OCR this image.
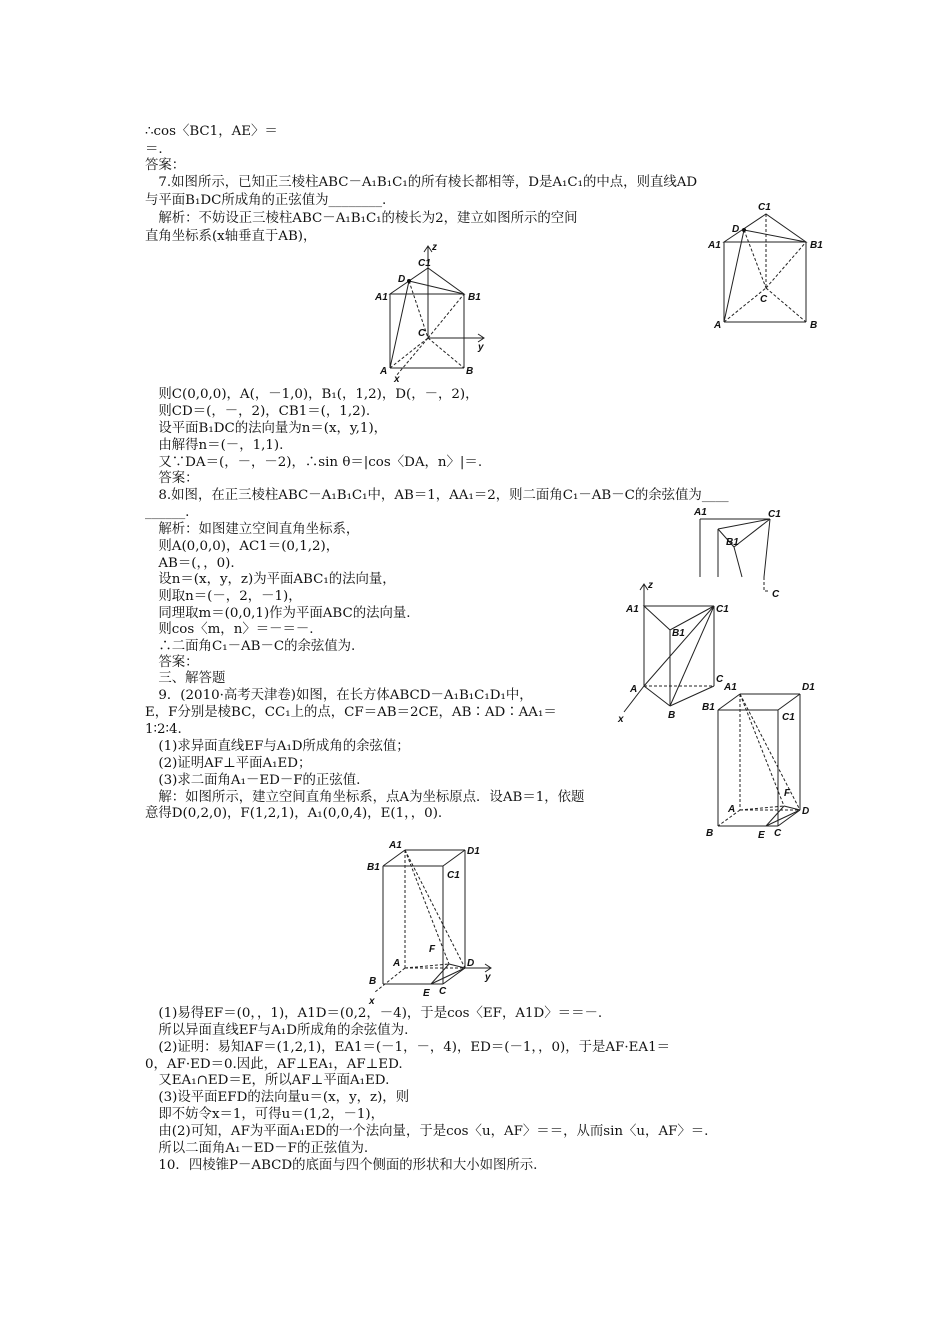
∴cos〈BC1，AE〉＝
＝.
答案：
　7.如图所示，已知正三棱柱ABC－A₁B₁C₁的所有棱长都相等，D是A₁C₁的中点，则直线AD
与平面B₁DC所成角的正弦值为________.
　解析：不妨设正三棱柱ABC－A₁B₁C₁的棱长为2，建立如图所示的空间
直角坐标系(x轴垂直于AB)，
　则C(0,0,0)，A(，－1,0)，B₁(，1,2)，D(，－，2)，
　则CD＝(，－，2)，CB1＝(，1,2).
　设平面B₁DC的法向量为n＝(x，y,1)，
　由解得n＝(－，1,1).
　又∵DA＝(，－，－2)，∴sin θ＝|cos〈DA，n〉|＝.
　答案：
　8.如图，在正三棱柱ABC－A₁B₁C₁中，AB＝1，AA₁＝2，则二面角C₁－AB－C的余弦值为____
______.
　解析：如图建立空间直角坐标系，
　则A(0,0,0)，AC1＝(0,1,2)，
　AB＝(，，0).
　设n＝(x，y，z)为平面ABC₁的法向量，
　则取n＝(－，2，－1)，
　同理取m＝(0,0,1)作为平面ABC的法向量.
　则cos〈m，n〉＝－＝－.
　∴二面角C₁－AB－C的余弦值为.
　答案：
　三、解答题
　9．(2010·高考天津卷)如图，在长方体ABCD－A₁B₁C₁D₁中，
E，F分别是棱BC，CC₁上的点，CF＝AB＝2CE，AB∶AD∶AA₁＝
1∶2∶4.
　(1)求异面直线EF与A₁D所成角的余弦值；
　(2)证明AF⊥平面A₁ED；
　(3)求二面角A₁－ED－F的正弦值.
　解：如图所示，建立空间直角坐标系，点A为坐标原点．设AB＝1，依题
意得D(0,2,0)，F(1,2,1)，A₁(0,0,4)，E(1，，0).
　(1)易得EF＝(0，，1)，A1D＝(0,2，－4)，于是cos〈EF，A1D〉＝＝－.
　所以异面直线EF与A₁D所成角的余弦值为.
　(2)证明：易知AF＝(1,2,1)，EA1＝(－1，－，4)，ED＝(－1，，0)，于是AF·EA1＝
0，AF·ED＝0.因此，AF⊥EA₁，AF⊥ED.
　又EA₁∩ED＝E，所以AF⊥平面A₁ED.
　(3)设平面EFD的法向量u＝(x，y，z)，则
　即不妨令x＝1，可得u＝(1,2，－1)，
　由(2)可知，AF为平面A₁ED的一个法向量，于是cos〈u，AF〉＝＝，从而sin〈u，AF〉＝.
　所以二面角A₁－ED－F的正弦值为.
　10．四棱锥P－ABCD的底面与四个侧面的形状和大小如图所示.
C1
D
A1	B1
C
A	B
z
C1
D
A1	B1
C
y
A
x
B
A1	C1
B1
C
z
A1	C1
B1
C
A
B
x
A1	D1
B1
C1
F
A	D
B	E C
A1
D1
B1
C1
F
A	D
y
B
E C
x
